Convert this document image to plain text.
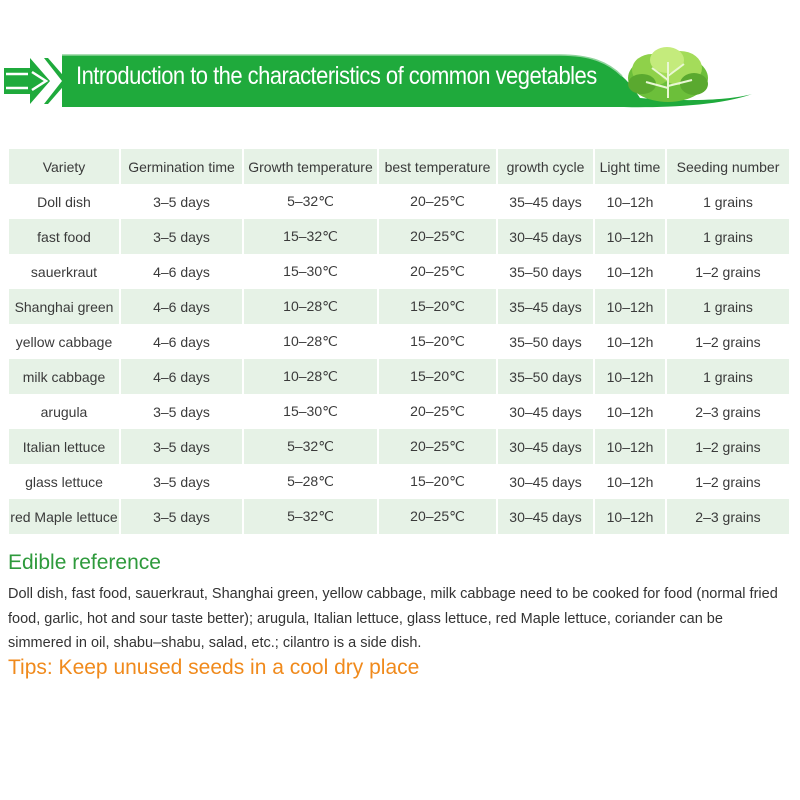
Introduction to the characteristics of common vegetables
Variety	Germination time	Growth temperature	best temperature	growth cycle	Light time	Seeding number
Doll dish	3–5 days	5–32℃	20–25℃	35–45 days	10–12h	1 grains
fast food	3–5 days	15–32℃	20–25℃	30–45 days	10–12h	1 grains
sauerkraut	4–6 days	15–30℃	20–25℃	35–50 days	10–12h	1–2 grains
Shanghai green	4–6 days	10–28℃	15–20℃	35–45 days	10–12h	1 grains
yellow cabbage	4–6 days	10–28℃	15–20℃	35–50 days	10–12h	1–2 grains
milk cabbage	4–6 days	10–28℃	15–20℃	35–50 days	10–12h	1 grains
arugula	3–5 days	15–30℃	20–25℃	30–45 days	10–12h	2–3 grains
Italian lettuce	3–5 days	5–32℃	20–25℃	30–45 days	10–12h	1–2 grains
glass lettuce	3–5 days	5–28℃	15–20℃	30–45 days	10–12h	1–2 grains
red Maple lettuce	3–5 days	5–32℃	20–25℃	30–45 days	10–12h	2–3 grains
Edible reference
Doll dish, fast food, sauerkraut, Shanghai green, yellow cabbage, milk cabbage need to be cooked for food (normal fried food, garlic, hot and sour taste better); arugula, Italian lettuce, glass lettuce, red Maple lettuce, coriander can be simmered in oil, shabu–shabu, salad, etc.; cilantro is a side dish.
Tips: Keep unused seeds in a cool dry place
